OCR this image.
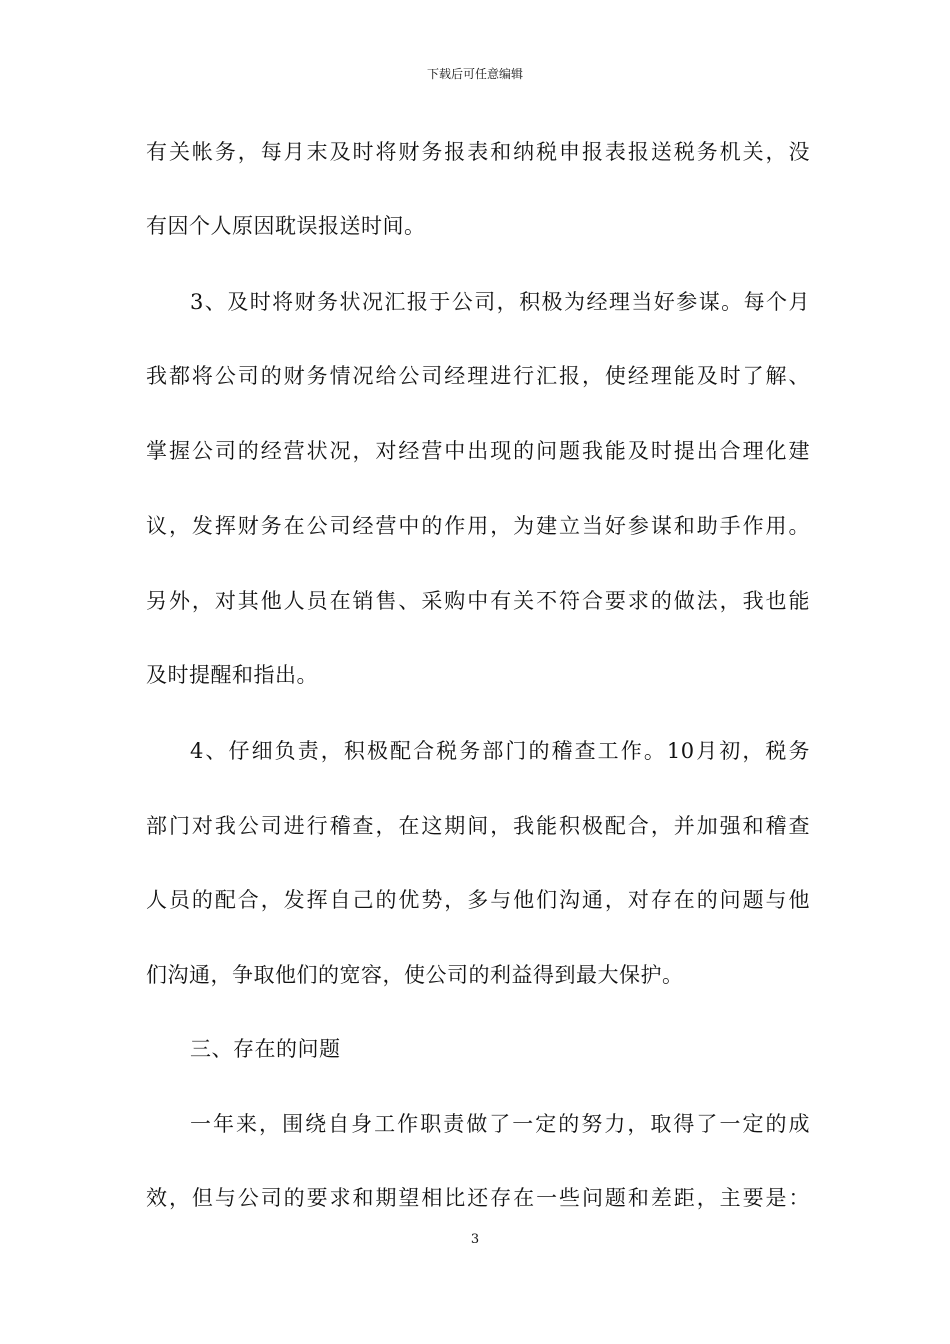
下载后可任意编辑
有关帐务，每月末及时将财务报表和纳税申报表报送税务机关，没
有因个人原因耽误报送时间。
3、及时将财务状况汇报于公司，积极为经理当好参谋。每个月
我都将公司的财务情况给公司经理进行汇报，使经理能及时了解、
掌握公司的经营状况，对经营中出现的问题我能及时提出合理化建
议，发挥财务在公司经营中的作用，为建立当好参谋和助手作用。
另外，对其他人员在销售、采购中有关不符合要求的做法，我也能
及时提醒和指出。
4、仔细负责，积极配合税务部门的稽查工作。10月初，税务
部门对我公司进行稽查，在这期间，我能积极配合，并加强和稽查
人员的配合，发挥自己的优势，多与他们沟通，对存在的问题与他
们沟通，争取他们的宽容，使公司的利益得到最大保护。
三、存在的问题
一年来，围绕自身工作职责做了一定的努力，取得了一定的成
效，但与公司的要求和期望相比还存在一些问题和差距，主要是：
3
